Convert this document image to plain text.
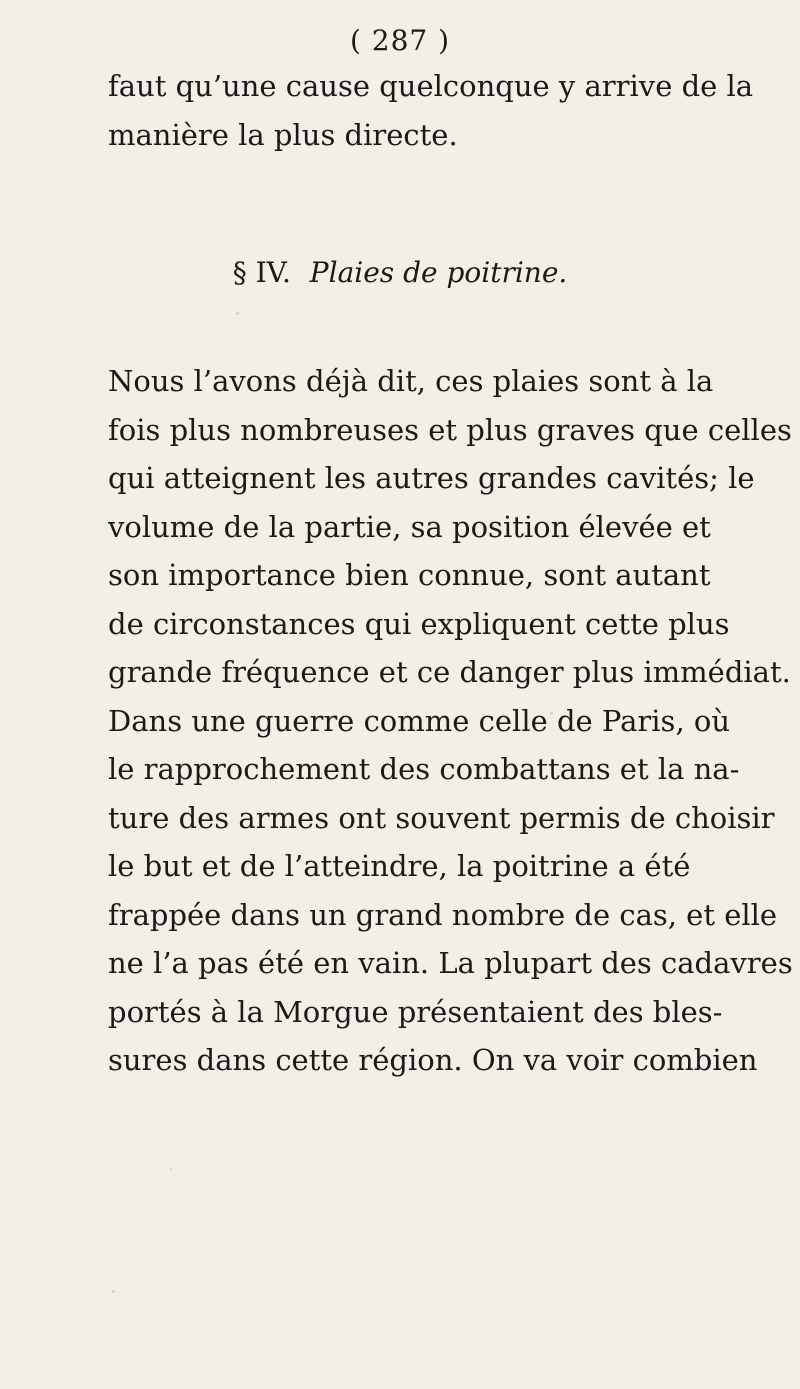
( 287 )
faut qu’une cause quelconque y arrive de la
manière la plus directe.
§ IV. Plaies de poitrine.
Nous l’avons déjà dit, ces plaies sont à la
fois plus nombreuses et plus graves que celles
qui atteignent les autres grandes cavités; le
volume de la partie, sa position élevée et
son importance bien connue, sont autant
de circonstances qui expliquent cette plus
grande fréquence et ce danger plus immédiat.
Dans une guerre comme celle de Paris, où
le rapprochement des combattans et la na-
ture des armes ont souvent permis de choisir
le but et de l’atteindre, la poitrine a été
frappée dans un grand nombre de cas, et elle
ne l’a pas été en vain. La plupart des cadavres
portés à la Morgue présentaient des bles-
sures dans cette région. On va voir combien
